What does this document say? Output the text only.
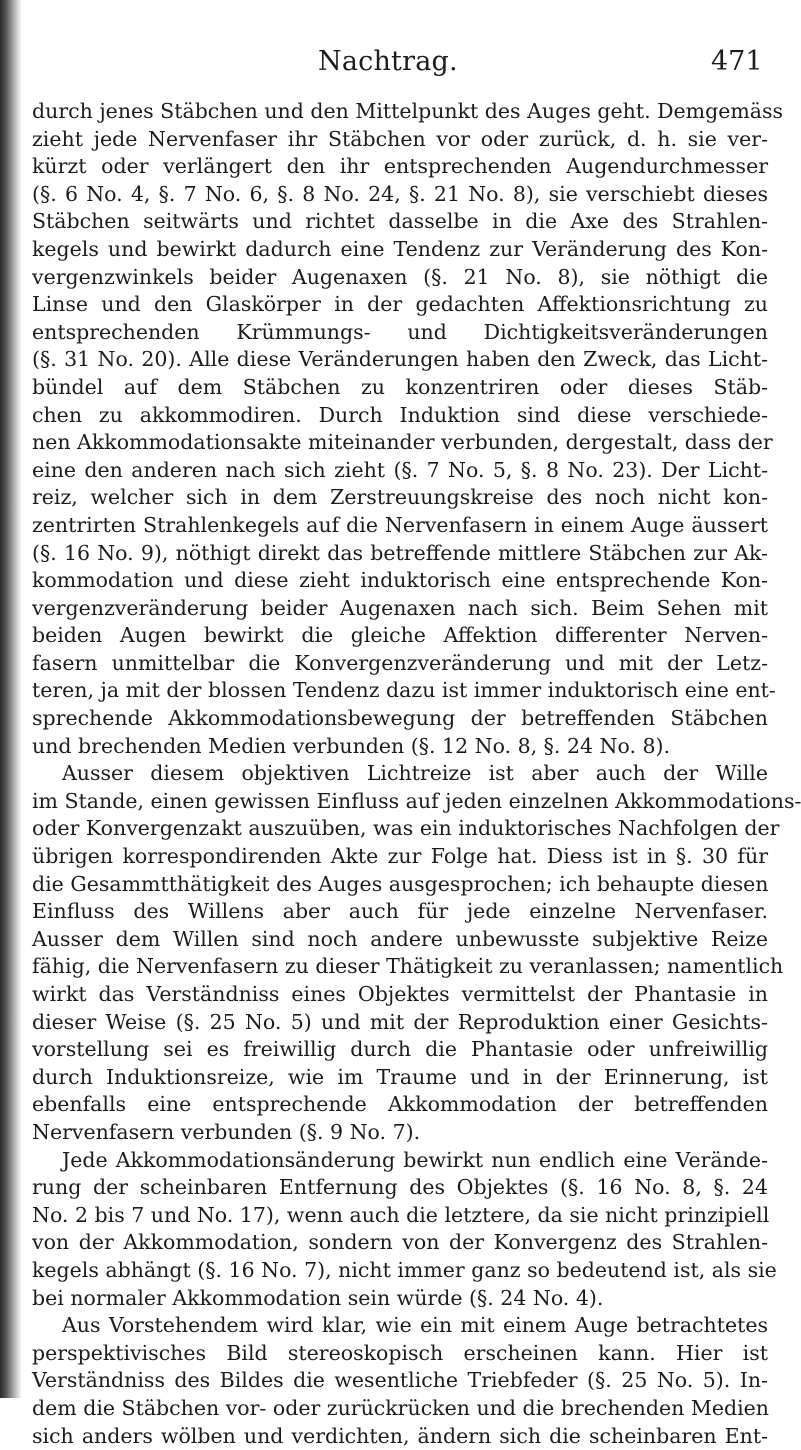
Nachtrag.	471
durch jenes Stäbchen und den Mittelpunkt des Auges geht. Demgemäss
zieht jede Nervenfaser ihr Stäbchen vor oder zurück, d. h. sie ver-
kürzt oder verlängert den ihr entsprechenden Augendurchmesser
(§. 6 No. 4, §. 7 No. 6, §. 8 No. 24, §. 21 No. 8), sie verschiebt dieses
Stäbchen seitwärts und richtet dasselbe in die Axe des Strahlen-
kegels und bewirkt dadurch eine Tendenz zur Veränderung des Kon-
vergenzwinkels beider Augenaxen (§. 21 No. 8), sie nöthigt die
Linse und den Glaskörper in der gedachten Affektionsrichtung zu
entsprechenden Krümmungs- und Dichtigkeitsveränderungen
(§. 31 No. 20). Alle diese Veränderungen haben den Zweck, das Licht-
bündel auf dem Stäbchen zu konzentriren oder dieses Stäb-
chen zu akkommodiren. Durch Induktion sind diese verschiede-
nen Akkommodationsakte miteinander verbunden, dergestalt, dass der
eine den anderen nach sich zieht (§. 7 No. 5, §. 8 No. 23). Der Licht-
reiz, welcher sich in dem Zerstreuungskreise des noch nicht kon-
zentrirten Strahlenkegels auf die Nervenfasern in einem Auge äussert
(§. 16 No. 9), nöthigt direkt das betreffende mittlere Stäbchen zur Ak-
kommodation und diese zieht induktorisch eine entsprechende Kon-
vergenzveränderung beider Augenaxen nach sich. Beim Sehen mit
beiden Augen bewirkt die gleiche Affektion differenter Nerven-
fasern unmittelbar die Konvergenzveränderung und mit der Letz-
teren, ja mit der blossen Tendenz dazu ist immer induktorisch eine ent-
sprechende Akkommodationsbewegung der betreffenden Stäbchen
und brechenden Medien verbunden (§. 12 No. 8, §. 24 No. 8).
Ausser diesem objektiven Lichtreize ist aber auch der Wille
im Stande, einen gewissen Einfluss auf jeden einzelnen Akkommodations-
oder Konvergenzakt auszuüben, was ein induktorisches Nachfolgen der
übrigen korrespondirenden Akte zur Folge hat. Diess ist in §. 30 für
die Gesammtthätigkeit des Auges ausgesprochen; ich behaupte diesen
Einfluss des Willens aber auch für jede einzelne Nervenfaser.
Ausser dem Willen sind noch andere unbewusste subjektive Reize
fähig, die Nervenfasern zu dieser Thätigkeit zu veranlassen; namentlich
wirkt das Verständniss eines Objektes vermittelst der Phantasie in
dieser Weise (§. 25 No. 5) und mit der Reproduktion einer Gesichts-
vorstellung sei es freiwillig durch die Phantasie oder unfreiwillig
durch Induktionsreize, wie im Traume und in der Erinnerung, ist
ebenfalls eine entsprechende Akkommodation der betreffenden
Nervenfasern verbunden (§. 9 No. 7).
Jede Akkommodationsänderung bewirkt nun endlich eine Verände-
rung der scheinbaren Entfernung des Objektes (§. 16 No. 8, §. 24
No. 2 bis 7 und No. 17), wenn auch die letztere, da sie nicht prinzipiell
von der Akkommodation, sondern von der Konvergenz des Strahlen-
kegels abhängt (§. 16 No. 7), nicht immer ganz so bedeutend ist, als sie
bei normaler Akkommodation sein würde (§. 24 No. 4).
Aus Vorstehendem wird klar, wie ein mit einem Auge betrachtetes
perspektivisches Bild stereoskopisch erscheinen kann. Hier ist
Verständniss des Bildes die wesentliche Triebfeder (§. 25 No. 5). In-
dem die Stäbchen vor- oder zurückrücken und die brechenden Medien
sich anders wölben und verdichten, ändern sich die scheinbaren Ent-
